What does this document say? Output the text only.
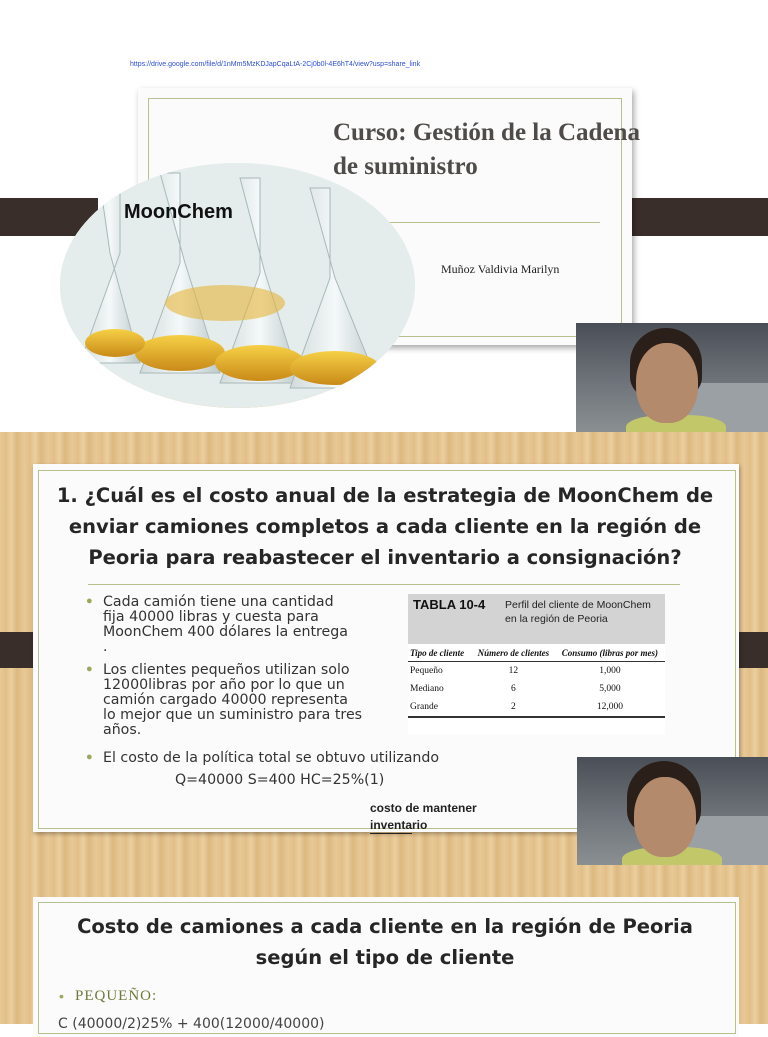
https://drive.google.com/file/d/1nMm5MzKDJapCqaLtA-2Cj0b0l-4E6hT4/view?usp=share_link
Curso: Gestión de la Cadena
de suministro
Muñoz Valdivia Marilyn
MoonChem
1. ¿Cuál es el costo anual de la estrategia de MoonChem de
enviar camiones completos a cada cliente en la región de
Peoria para reabastecer el inventario a consignación?
● Cada camión tiene una cantidad fija 40000 libras y cuesta para MoonChem 400 dólares la entrega .
● Los clientes pequeños utilizan solo 12000libras por año por lo que un camión cargado 40000 representa lo mejor que un suministro para tres años.
● El costo de la política total se obtuvo utilizando
Q=40000 S=400 HC=25%(1)
costo de mantener inventario
TABLA 10-4 Perfil del cliente de MoonChem en la región de Peoria
Tipo de cliente	Número de clientes	Consumo (libras por mes)
Pequeño	12	1,000
Mediano	6	5,000
Grande	2	12,000
Costo de camiones a cada cliente en la región de Peoria
según el tipo de cliente
• PEQUEÑO:
C (40000/2)25% + 400(12000/40000)
